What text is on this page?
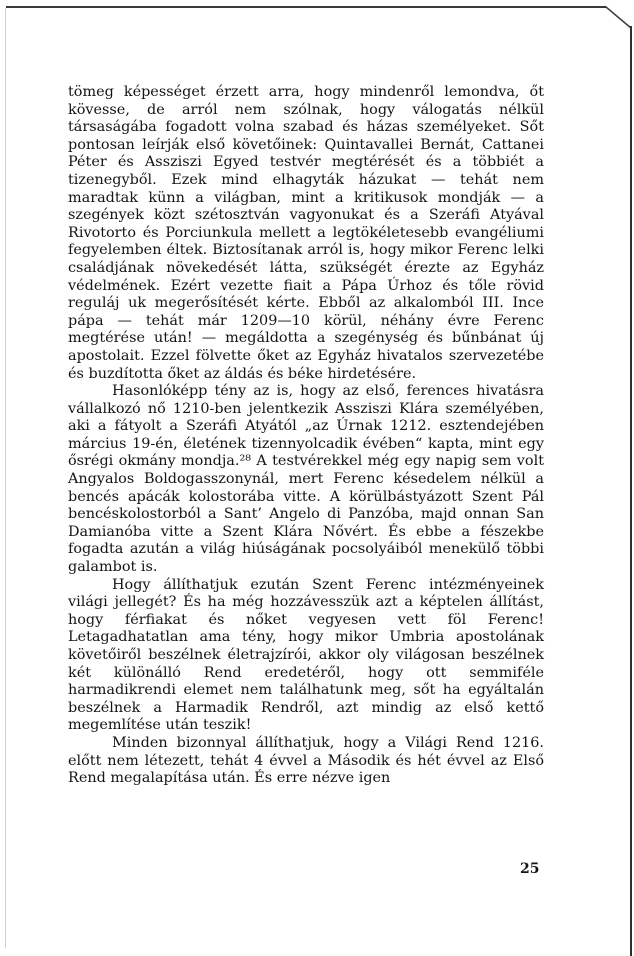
tömeg képességet érzett arra, hogy mindenről lemondva, őt kövesse, de arról nem szólnak, hogy válogatás nélkül társaságába fogadott volna szabad és házas személyeket. Sőt pontosan leírják első követőinek: Quintavallei Bernát, Cattanei Péter és Assziszi Egyed testvér megtérését és a többiét a tizenegyből. Ezek mind elhagyták házukat — tehát nem maradtak künn a világban, mint a kritikusok mondják — a szegények közt szétosztván vagyonukat és a Szeráfi Atyával Rivotorto és Porciunkula mellett a legtökéletesebb evangéliumi fegyelemben éltek. Biztosítanak arról is, hogy mikor Ferenc lelki családjának növekedését látta, szükségét érezte az Egyház védelmének. Ezért vezette fiait a Pápa Úrhoz és tőle rövid reguláj uk megerősítését kérte. Ebből az alkalomból III. Ince pápa — tehát már 1209—10 körül, néhány évre Ferenc megtérése után! — megáldotta a szegénység és bűnbánat új apostolait. Ezzel fölvette őket az Egyház hivatalos szervezetébe és buzdította őket az áldás és béke hirdetésére.

Hasonlóképp tény az is, hogy az első, ferences hivatásra vállalkozó nő 1210-ben jelentkezik Assziszi Klára személyében, aki a fátyolt a Szeráfi Atyától „az Úrnak 1212. esztendejében március 19-én, életének tizennyolcadik évében“ kapta, mint egy ősrégi okmány mondja.²⁸ A testvérekkel még egy napig sem volt Angyalos Boldogasszonynál, mert Ferenc késedelem nélkül a bencés apácák kolostorába vitte. A körülbástyázott Szent Pál bencéskolostorból a Sant’ Angelo di Panzóba, majd onnan San Damianóba vitte a Szent Klára Nővért. És ebbe a fészekbe fogadta azután a világ hiúságának pocsolyáiból menekülő többi galambot is.

Hogy állíthatjuk ezután Szent Ferenc intézményeinek világi jellegét? És ha még hozzávesszük azt a képtelen állítást, hogy férfiakat és nőket vegyesen vett föl Ferenc! Letagadhatatlan ama tény, hogy mikor Umbria apostolának követőiről beszélnek életrajzírói, akkor oly világosan beszélnek két különálló Rend eredetéről, hogy ott semmiféle harmadikrendi elemet nem találhatunk meg, sőt ha egyáltalán beszélnek a Harmadik Rendről, azt mindig az első kettő megemlítése után teszik!

Minden bizonnyal állíthatjuk, hogy a Világi Rend 1216. előtt nem létezett, tehát 4 évvel a Második és hét évvel az Első Rend megalapítása után. És erre nézve igen

25
